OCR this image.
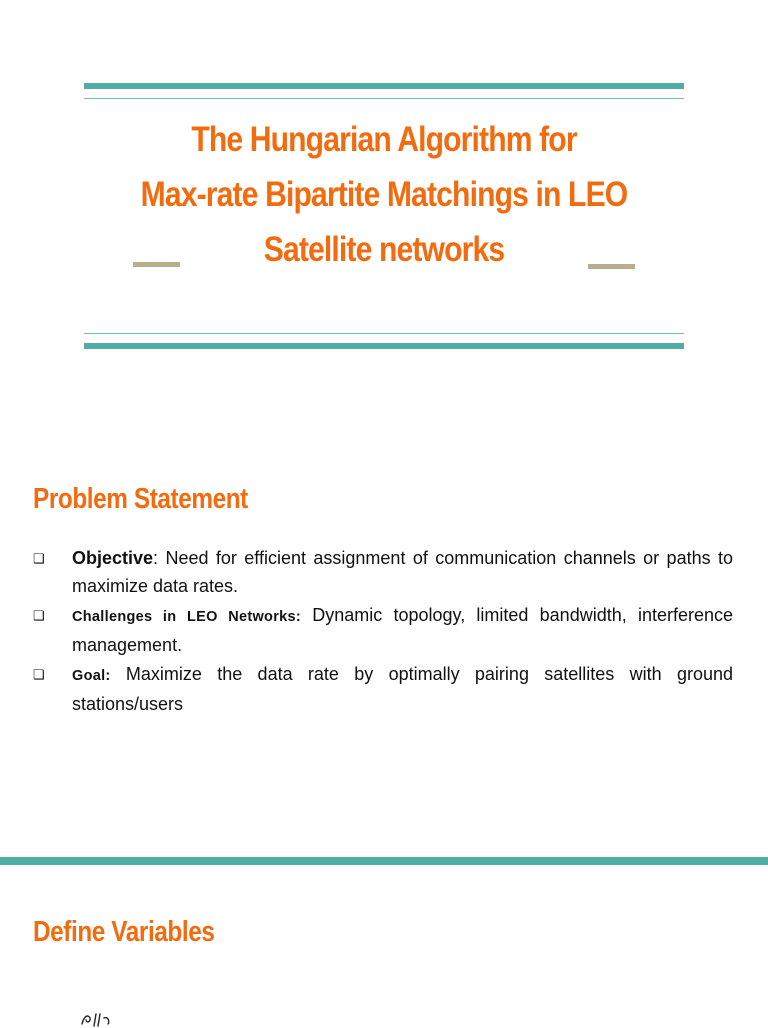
The Hungarian Algorithm for
Max-rate Bipartite Matchings in LEO
Satellite networks
Problem Statement
❑ Objective: Need for efficient assignment of communication channels or paths to maximize data rates.
❑ Challenges in LEO Networks: Dynamic topology, limited bandwidth, interference management.
❑ Goal: Maximize the data rate by optimally pairing satellites with ground stations/users
Define Variables
